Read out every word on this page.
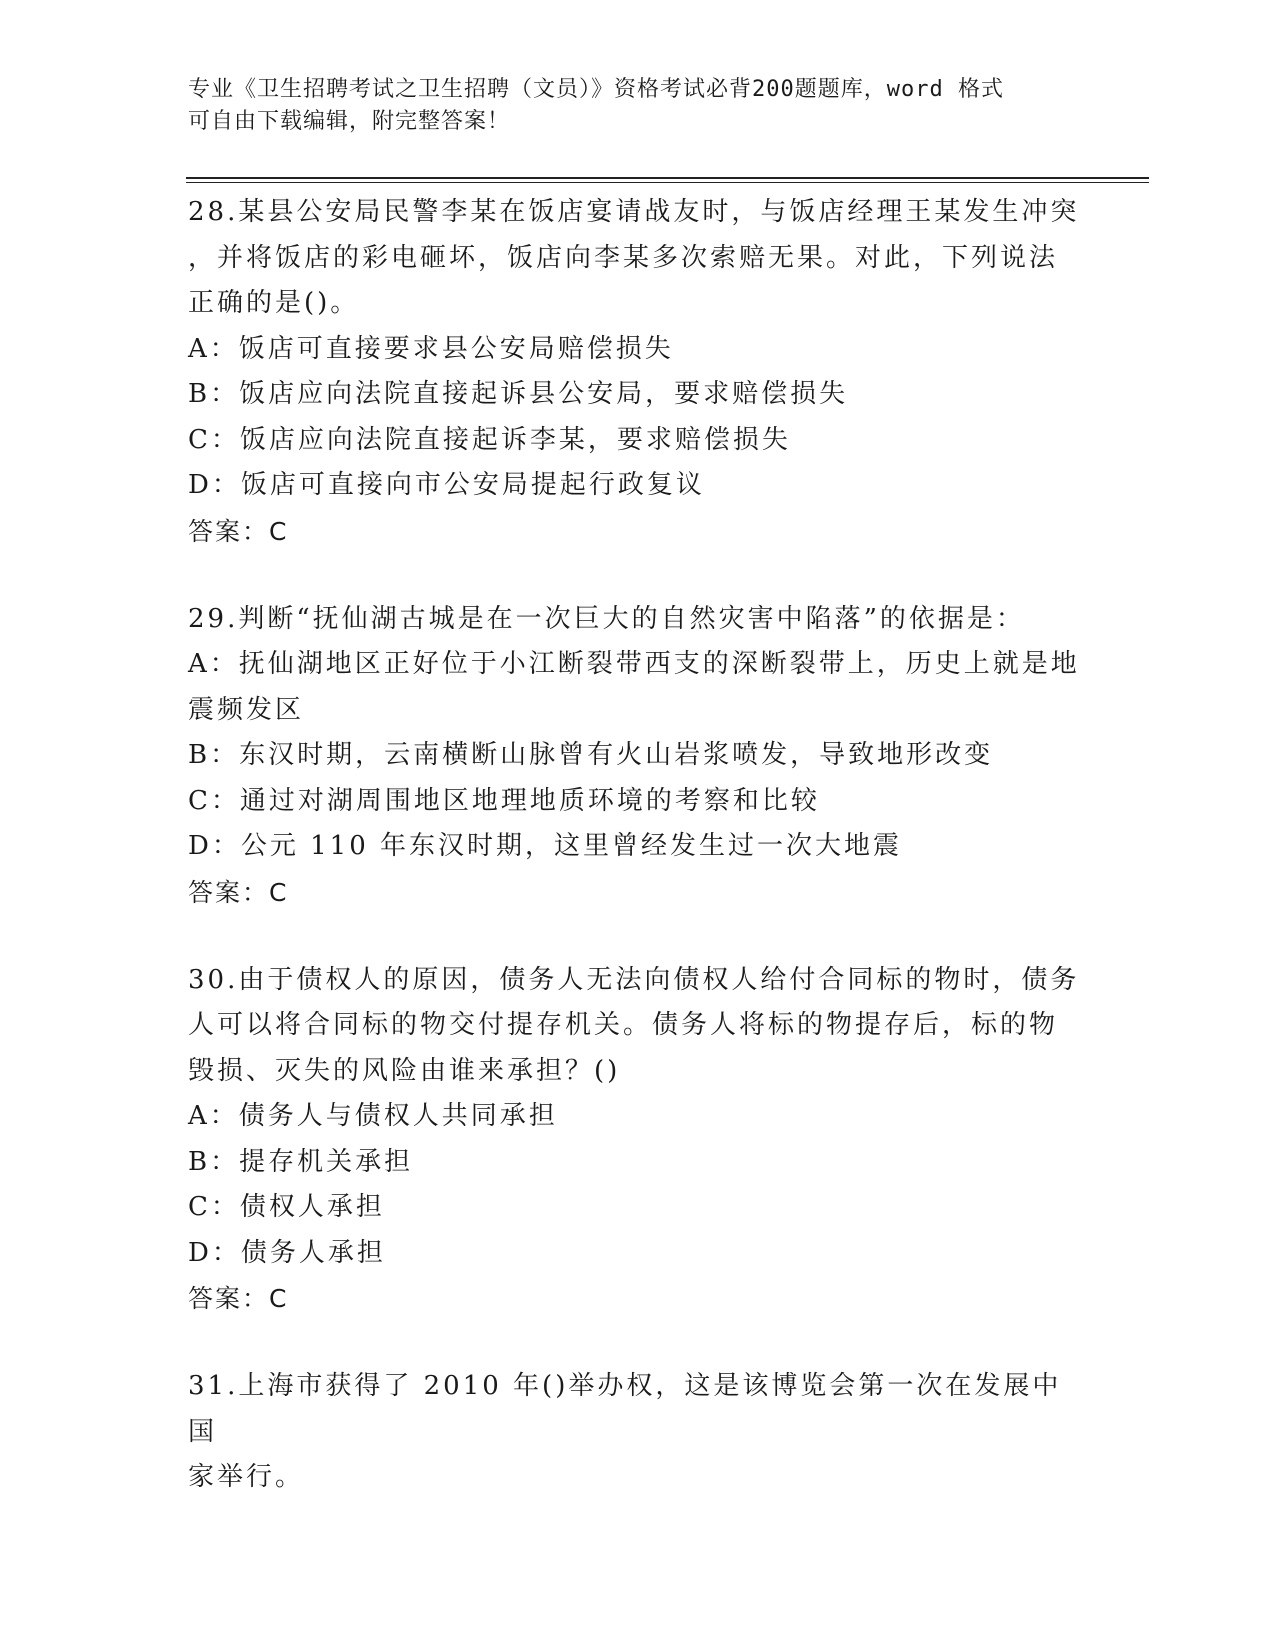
专业《卫生招聘考试之卫生招聘（文员）》资格考试必背200题题库，word 格式
可自由下载编辑，附完整答案！
28.某县公安局民警李某在饭店宴请战友时，与饭店经理王某发生冲突
，并将饭店的彩电砸坏，饭店向李某多次索赔无果。对此，下列说法
正确的是()。
A：饭店可直接要求县公安局赔偿损失
B：饭店应向法院直接起诉县公安局，要求赔偿损失
C：饭店应向法院直接起诉李某，要求赔偿损失
D：饭店可直接向市公安局提起行政复议
答案：C
29.判断“抚仙湖古城是在一次巨大的自然灾害中陷落”的依据是：
A：抚仙湖地区正好位于小江断裂带西支的深断裂带上，历史上就是地
震频发区
B：东汉时期，云南横断山脉曾有火山岩浆喷发，导致地形改变
C：通过对湖周围地区地理地质环境的考察和比较
D：公元 110 年东汉时期，这里曾经发生过一次大地震
答案：C
30.由于债权人的原因，债务人无法向债权人给付合同标的物时，债务
人可以将合同标的物交付提存机关。债务人将标的物提存后，标的物
毁损、灭失的风险由谁来承担？()
A：债务人与债权人共同承担
B：提存机关承担
C：债权人承担
D：债务人承担
答案：C
31.上海市获得了 2010 年()举办权，这是该博览会第一次在发展中国
家举行。
